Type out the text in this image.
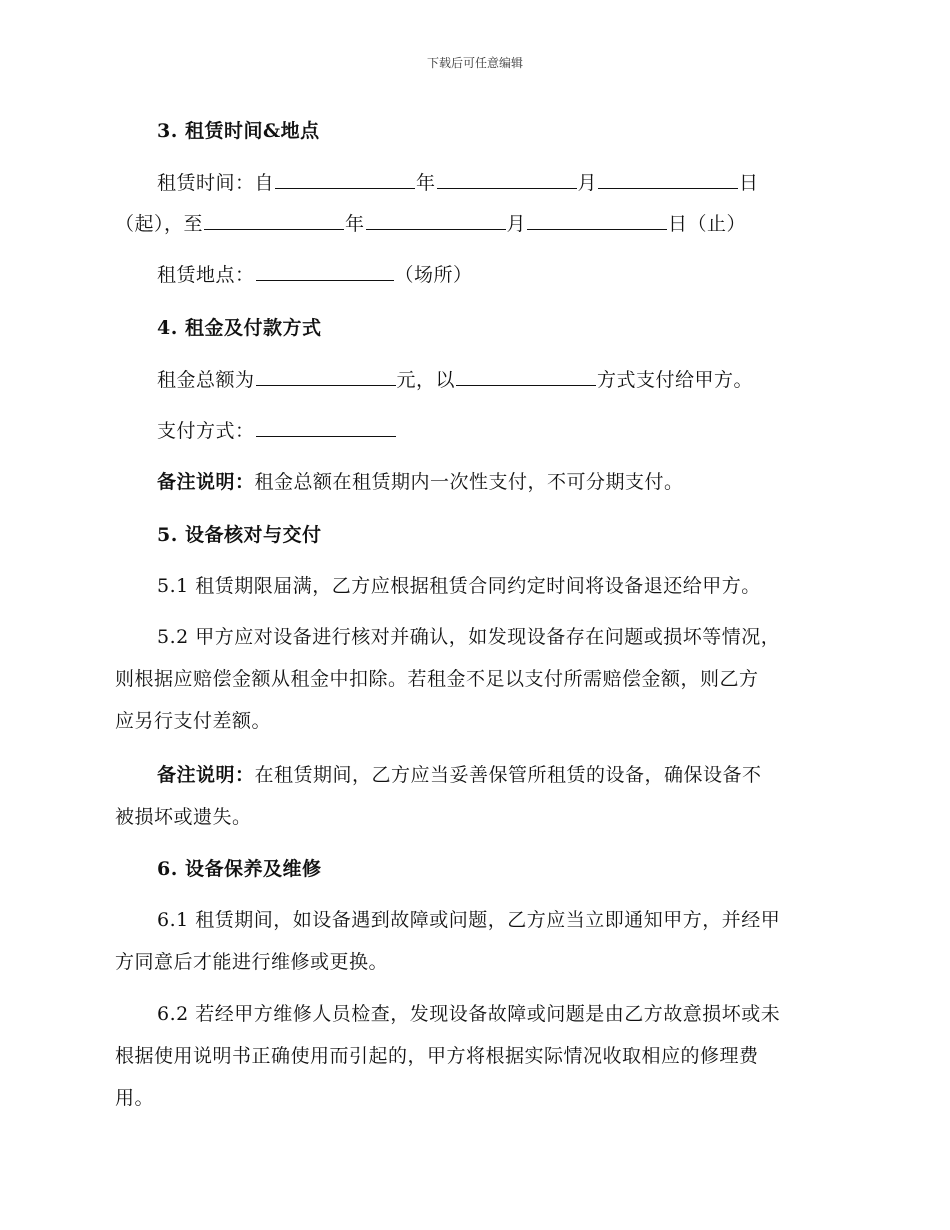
下载后可任意编辑
3. 租赁时间&地点
租赁时间：自	年	月	日
（起），至	年	月	日（止）
租赁地点：	（场所）
4. 租金及付款方式
租金总额为	元，以	方式支付给甲方。
支付方式：
备注说明：租金总额在租赁期内一次性支付，不可分期支付。
5. 设备核对与交付
5.1 租赁期限届满，乙方应根据租赁合同约定时间将设备退还给甲方。
5.2 甲方应对设备进行核对并确认，如发现设备存在问题或损坏等情况，
则根据应赔偿金额从租金中扣除。若租金不足以支付所需赔偿金额，则乙方
应另行支付差额。
备注说明：在租赁期间，乙方应当妥善保管所租赁的设备，确保设备不
被损坏或遗失。
6. 设备保养及维修
6.1 租赁期间，如设备遇到故障或问题，乙方应当立即通知甲方，并经甲
方同意后才能进行维修或更换。
6.2 若经甲方维修人员检查，发现设备故障或问题是由乙方故意损坏或未
根据使用说明书正确使用而引起的，甲方将根据实际情况收取相应的修理费
用。
